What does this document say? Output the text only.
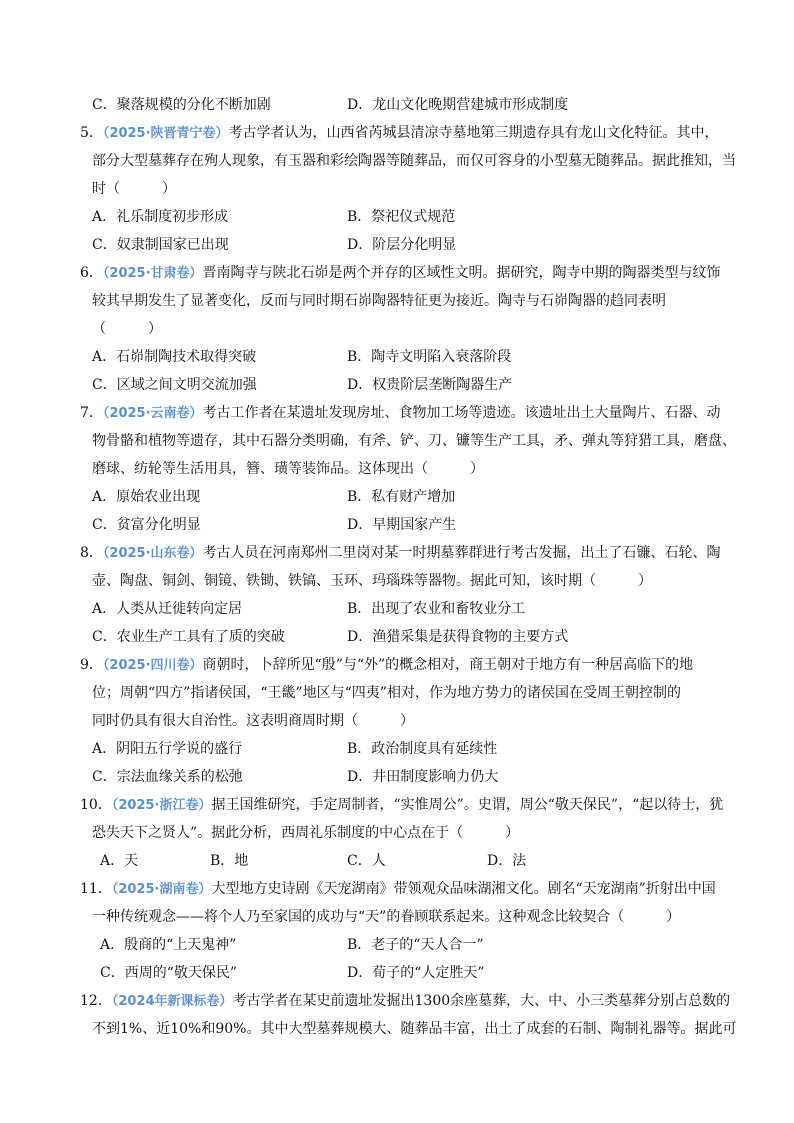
C．聚落规模的分化不断加剧	D．龙山文化晚期营建城市形成制度
5．（2025·陕晋青宁卷）考古学者认为，山西省芮城县清凉寺墓地第三期遗存具有龙山文化特征。其中，
部分大型墓葬存在殉人现象，有玉器和彩绘陶器等随葬品，而仅可容身的小型墓无随葬品。据此推知，当
时（　　　）
A．礼乐制度初步形成	B．祭祀仪式规范
C．奴隶制国家已出现	D．阶层分化明显
6．（2025·甘肃卷）晋南陶寺与陕北石峁是两个并存的区域性文明。据研究，陶寺中期的陶器类型与纹饰
较其早期发生了显著变化，反而与同时期石峁陶器特征更为接近。陶寺与石峁陶器的趋同表明
（　　　）
A．石峁制陶技术取得突破	B．陶寺文明陷入衰落阶段
C．区域之间文明交流加强	D．权贵阶层垄断陶器生产
7．（2025·云南卷）考古工作者在某遗址发现房址、食物加工场等遗迹。该遗址出土大量陶片、石器、动
物骨骼和植物等遗存，其中石器分类明确，有斧、铲、刀、镰等生产工具，矛、弹丸等狩猎工具，磨盘、
磨球、纺轮等生活用具，簪、璜等装饰品。这体现出（　　　）
A．原始农业出现	B．私有财产增加
C．贫富分化明显	D．早期国家产生
8．（2025·山东卷）考古人员在河南郑州二里岗对某一时期墓葬群进行考古发掘，出土了石镰、石轮、陶
壶、陶盘、铜剑、铜镜、铁锄、铁镐、玉环、玛瑙珠等器物。据此可知，该时期（　　　）
A．人类从迁徙转向定居	B．出现了农业和畜牧业分工
C．农业生产工具有了质的突破	D．渔猎采集是获得食物的主要方式
9．（2025·四川卷）商朝时，卜辞所见“殷”与“外”的概念相对，商王朝对于地方有一种居高临下的地
位；周朝“四方”指诸侯国，“王畿”地区与“四夷”相对，作为地方势力的诸侯国在受周王朝控制的
同时仍具有很大自治性。这表明商周时期（　　　）
A．阴阳五行学说的盛行	B．政治制度具有延续性
C．宗法血缘关系的松弛	D．井田制度影响力仍大
10．（2025·浙江卷）据王国维研究，手定周制者，“实惟周公”。史谓，周公“敬天保民”，“起以待士，犹
恐失天下之贤人”。据此分析，西周礼乐制度的中心点在于（　　　）
A．天	B．地	C．人	D．法
11．（2025·湖南卷）大型地方史诗剧《天宠湖南》带领观众品味湖湘文化。剧名“天宠湖南”折射出中国
一种传统观念——将个人乃至家国的成功与“天”的眷顾联系起来。这种观念比较契合（　　　）
A．殷商的“上天鬼神”	B．老子的“天人合一”
C．西周的“敬天保民”	D．荀子的“人定胜天”
12．（2024年新课标卷）考古学者在某史前遗址发掘出1300余座墓葬，大、中、小三类墓葬分别占总数的
不到1%、近10%和90%。其中大型墓葬规模大、随葬品丰富，出土了成套的石制、陶制礼器等。据此可
